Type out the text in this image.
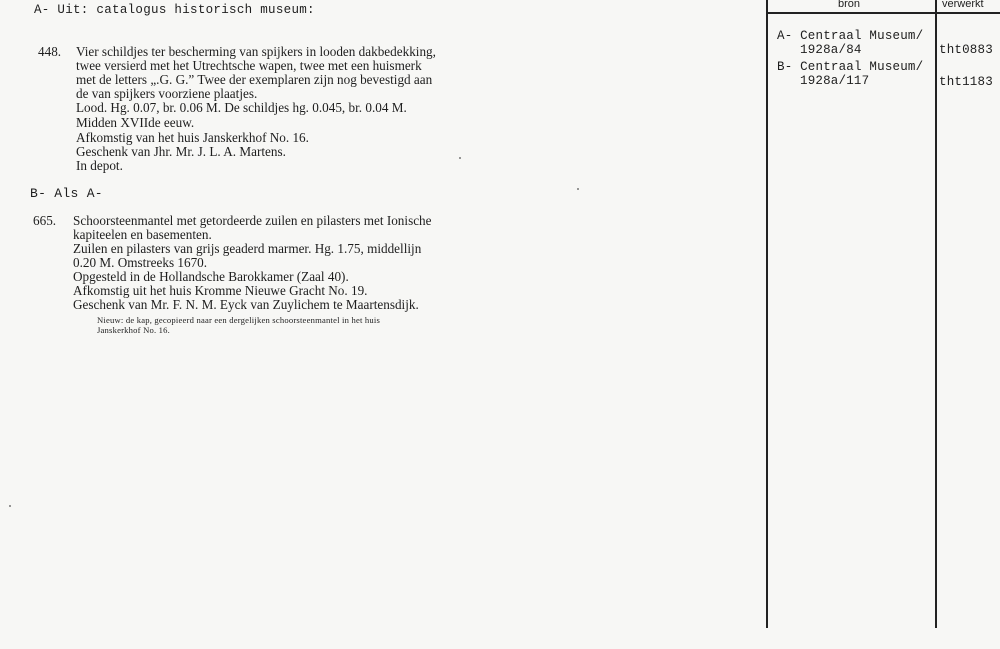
A- Uit: catalogus historisch museum:
448. Vier schildjes ter bescherming van spijkers in looden dakbedekking,
twee versierd met het Utrechtsche wapen, twee met een huismerk
met de letters „.G. G.” Twee der exemplaren zijn nog bevestigd aan
de van spijkers voorziene plaatjes.
Lood. Hg. 0.07, br. 0.06 M. De schildjes hg. 0.045, br. 0.04 M.
Midden XVIIde eeuw.
Afkomstig van het huis Janskerkhof No. 16.
Geschenk van Jhr. Mr. J. L. A. Martens.
In depot.
B- Als A-
665. Schoorsteenmantel met getordeerde zuilen en pilasters met Ionische
kapiteelen en basementen.
Zuilen en pilasters van grijs geaderd marmer. Hg. 1.75, middellijn
0.20 M. Omstreeks 1670.
Opgesteld in de Hollandsche Barokkamer (Zaal 40).
Afkomstig uit het huis Kromme Nieuwe Gracht No. 19.
Geschenk van Mr. F. N. M. Eyck van Zuylichem te Maartensdijk.
Nieuw: de kap, gecopieerd naar een dergelijken schoorsteenmantel in het huis
Janskerkhof No. 16.
bron	verwerkt
A- Centraal Museum/
1928a/84	tht0883
B- Centraal Museum/
1928a/117	tht1183
